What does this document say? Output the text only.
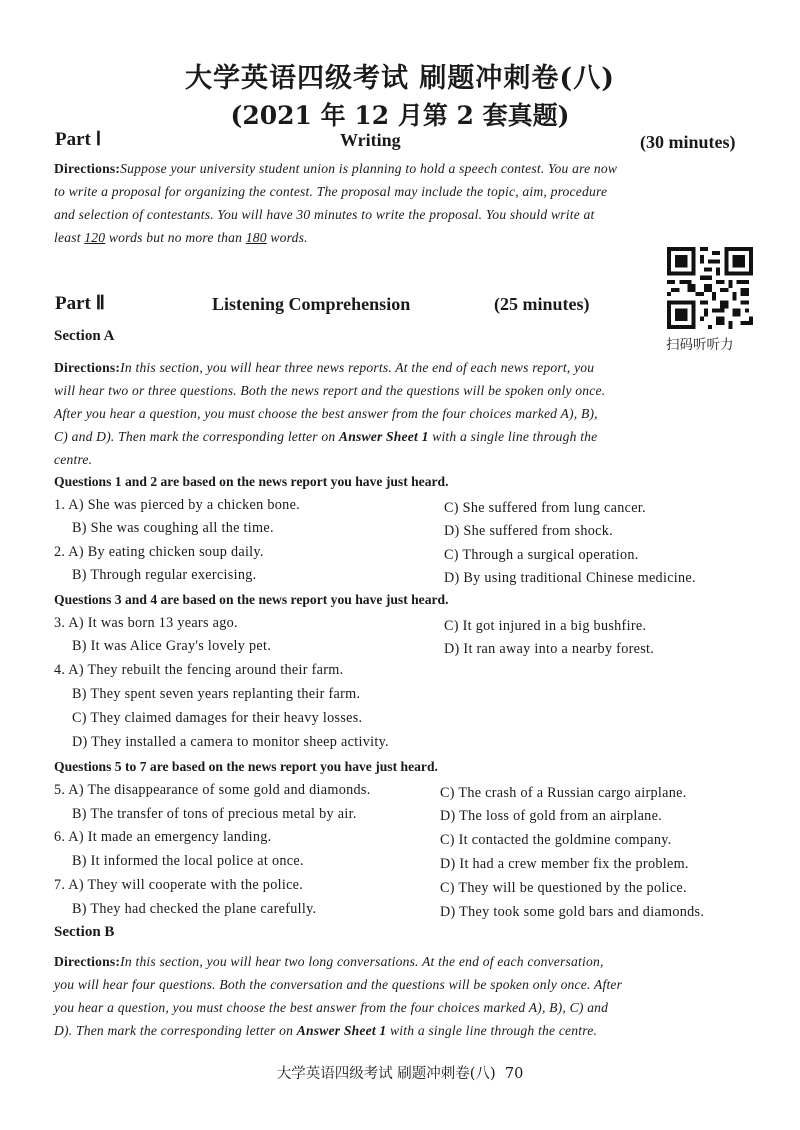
大学英语四级考试 刷题冲刺卷(八)
(2021 年 12 月第 2 套真题)
Part Ⅰ	Writing	(30 minutes)
Directions:Suppose your university student union is planning to hold a speech contest. You are now
to write a proposal for organizing the contest. The proposal may include the topic, aim, procedure
and selection of contestants. You will have 30 minutes to write the proposal. You should write at
least 120 words but no more than 180 words.
Part Ⅱ	Listening Comprehension	(25 minutes)
扫码听听力
Section A
Directions:In this section, you will hear three news reports. At the end of each news report, you
will hear two or three questions. Both the news report and the questions will be spoken only once.
After you hear a question, you must choose the best answer from the four choices marked A), B),
C) and D). Then mark the corresponding letter on Answer Sheet 1 with a single line through the
centre.
Questions 1 and 2 are based on the news report you have just heard.
1. A) She was pierced by a chicken bone.	C) She suffered from lung cancer.
B) She was coughing all the time.	D) She suffered from shock.
2. A) By eating chicken soup daily.	C) Through a surgical operation.
B) Through regular exercising.	D) By using traditional Chinese medicine.
Questions 3 and 4 are based on the news report you have just heard.
3. A) It was born 13 years ago.	C) It got injured in a big bushfire.
B) It was Alice Gray's lovely pet.	D) It ran away into a nearby forest.
4. A) They rebuilt the fencing around their farm.
B) They spent seven years replanting their farm.
C) They claimed damages for their heavy losses.
D) They installed a camera to monitor sheep activity.
Questions 5 to 7 are based on the news report you have just heard.
5. A) The disappearance of some gold and diamonds.	C) The crash of a Russian cargo airplane.
B) The transfer of tons of precious metal by air.	D) The loss of gold from an airplane.
6. A) It made an emergency landing.	C) It contacted the goldmine company.
B) It informed the local police at once.	D) It had a crew member fix the problem.
7. A) They will cooperate with the police.	C) They will be questioned by the police.
B) They had checked the plane carefully.	D) They took some gold bars and diamonds.
Section B
Directions:In this section, you will hear two long conversations. At the end of each conversation,
you will hear four questions. Both the conversation and the questions will be spoken only once. After
you hear a question, you must choose the best answer from the four choices marked A), B), C) and
D). Then mark the corresponding letter on Answer Sheet 1 with a single line through the centre.
大学英语四级考试 刷题冲刺卷(八) 70
